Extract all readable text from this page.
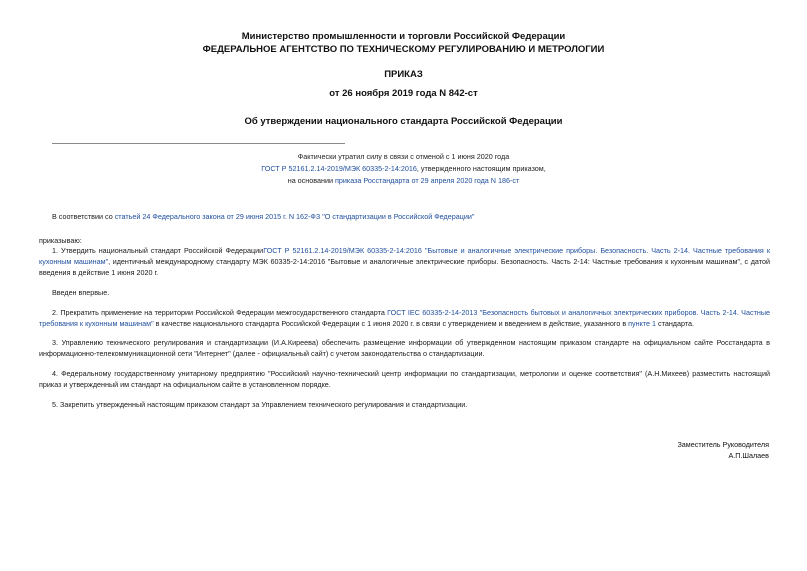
Министерство промышленности и торговли Российской Федерации
ФЕДЕРАЛЬНОЕ АГЕНТСТВО ПО ТЕХНИЧЕСКОМУ РЕГУЛИРОВАНИЮ И МЕТРОЛОГИИ
ПРИКАЗ
от 26 ноября 2019 года N 842-ст
Об утверждении национального стандарта Российской Федерации
Фактически утратил силу в связи с отменой с 1 июня 2020 года
ГОСТ Р 52161.2.14-2019/МЭК 60335-2-14:2016, утвержденного настоящим приказом,
на основании приказа Росстандарта от 29 апреля 2020 года N 186-ст
В соответствии со статьей 24 Федерального закона от 29 июня 2015 г. N 162-ФЗ "О стандартизации в Российской Федерации"
приказываю:
1. Утвердить национальный стандарт Российской ФедерацииГОСТ Р 52161.2.14-2019/МЭК 60335-2-14:2016 "Бытовые и аналогичные электрические приборы. Безопасность. Часть 2-14. Частные требования к кухонным машинам", идентичный международному стандарту МЭК 60335-2-14:2016 "Бытовые и аналогичные электрические приборы. Безопасность. Часть 2-14: Частные требования к кухонным машинам", с датой введения в действие 1 июня 2020 г.
Введен впервые.
2. Прекратить применение на территории Российской Федерации межгосударственного стандарта ГОСТ IEC 60335-2-14-2013 "Безопасность бытовых и аналогичных электрических приборов. Часть 2-14. Частные требования к кухонным машинам" в качестве национального стандарта Российской Федерации с 1 июня 2020 г. в связи с утверждением и введением в действие, указанного в пункте 1 стандарта.
3. Управлению технического регулирования и стандартизации (И.А.Киреева) обеспечить размещение информации об утвержденном настоящим приказом стандарте на официальном сайте Росстандарта в информационно-телекоммуникационной сети "Интернет" (далее - официальный сайт) с учетом законодательства о стандартизации.
4. Федеральному государственному унитарному предприятию "Российский научно-технический центр информации по стандартизации, метрологии и оценке соответствия" (А.Н.Михеев) разместить настоящий приказ и утвержденный им стандарт на официальном сайте в установленном порядке.
5. Закрепить утвержденный настоящим приказом стандарт за Управлением технического регулирования и стандартизации.
Заместитель Руководителя
А.П.Шалаев
